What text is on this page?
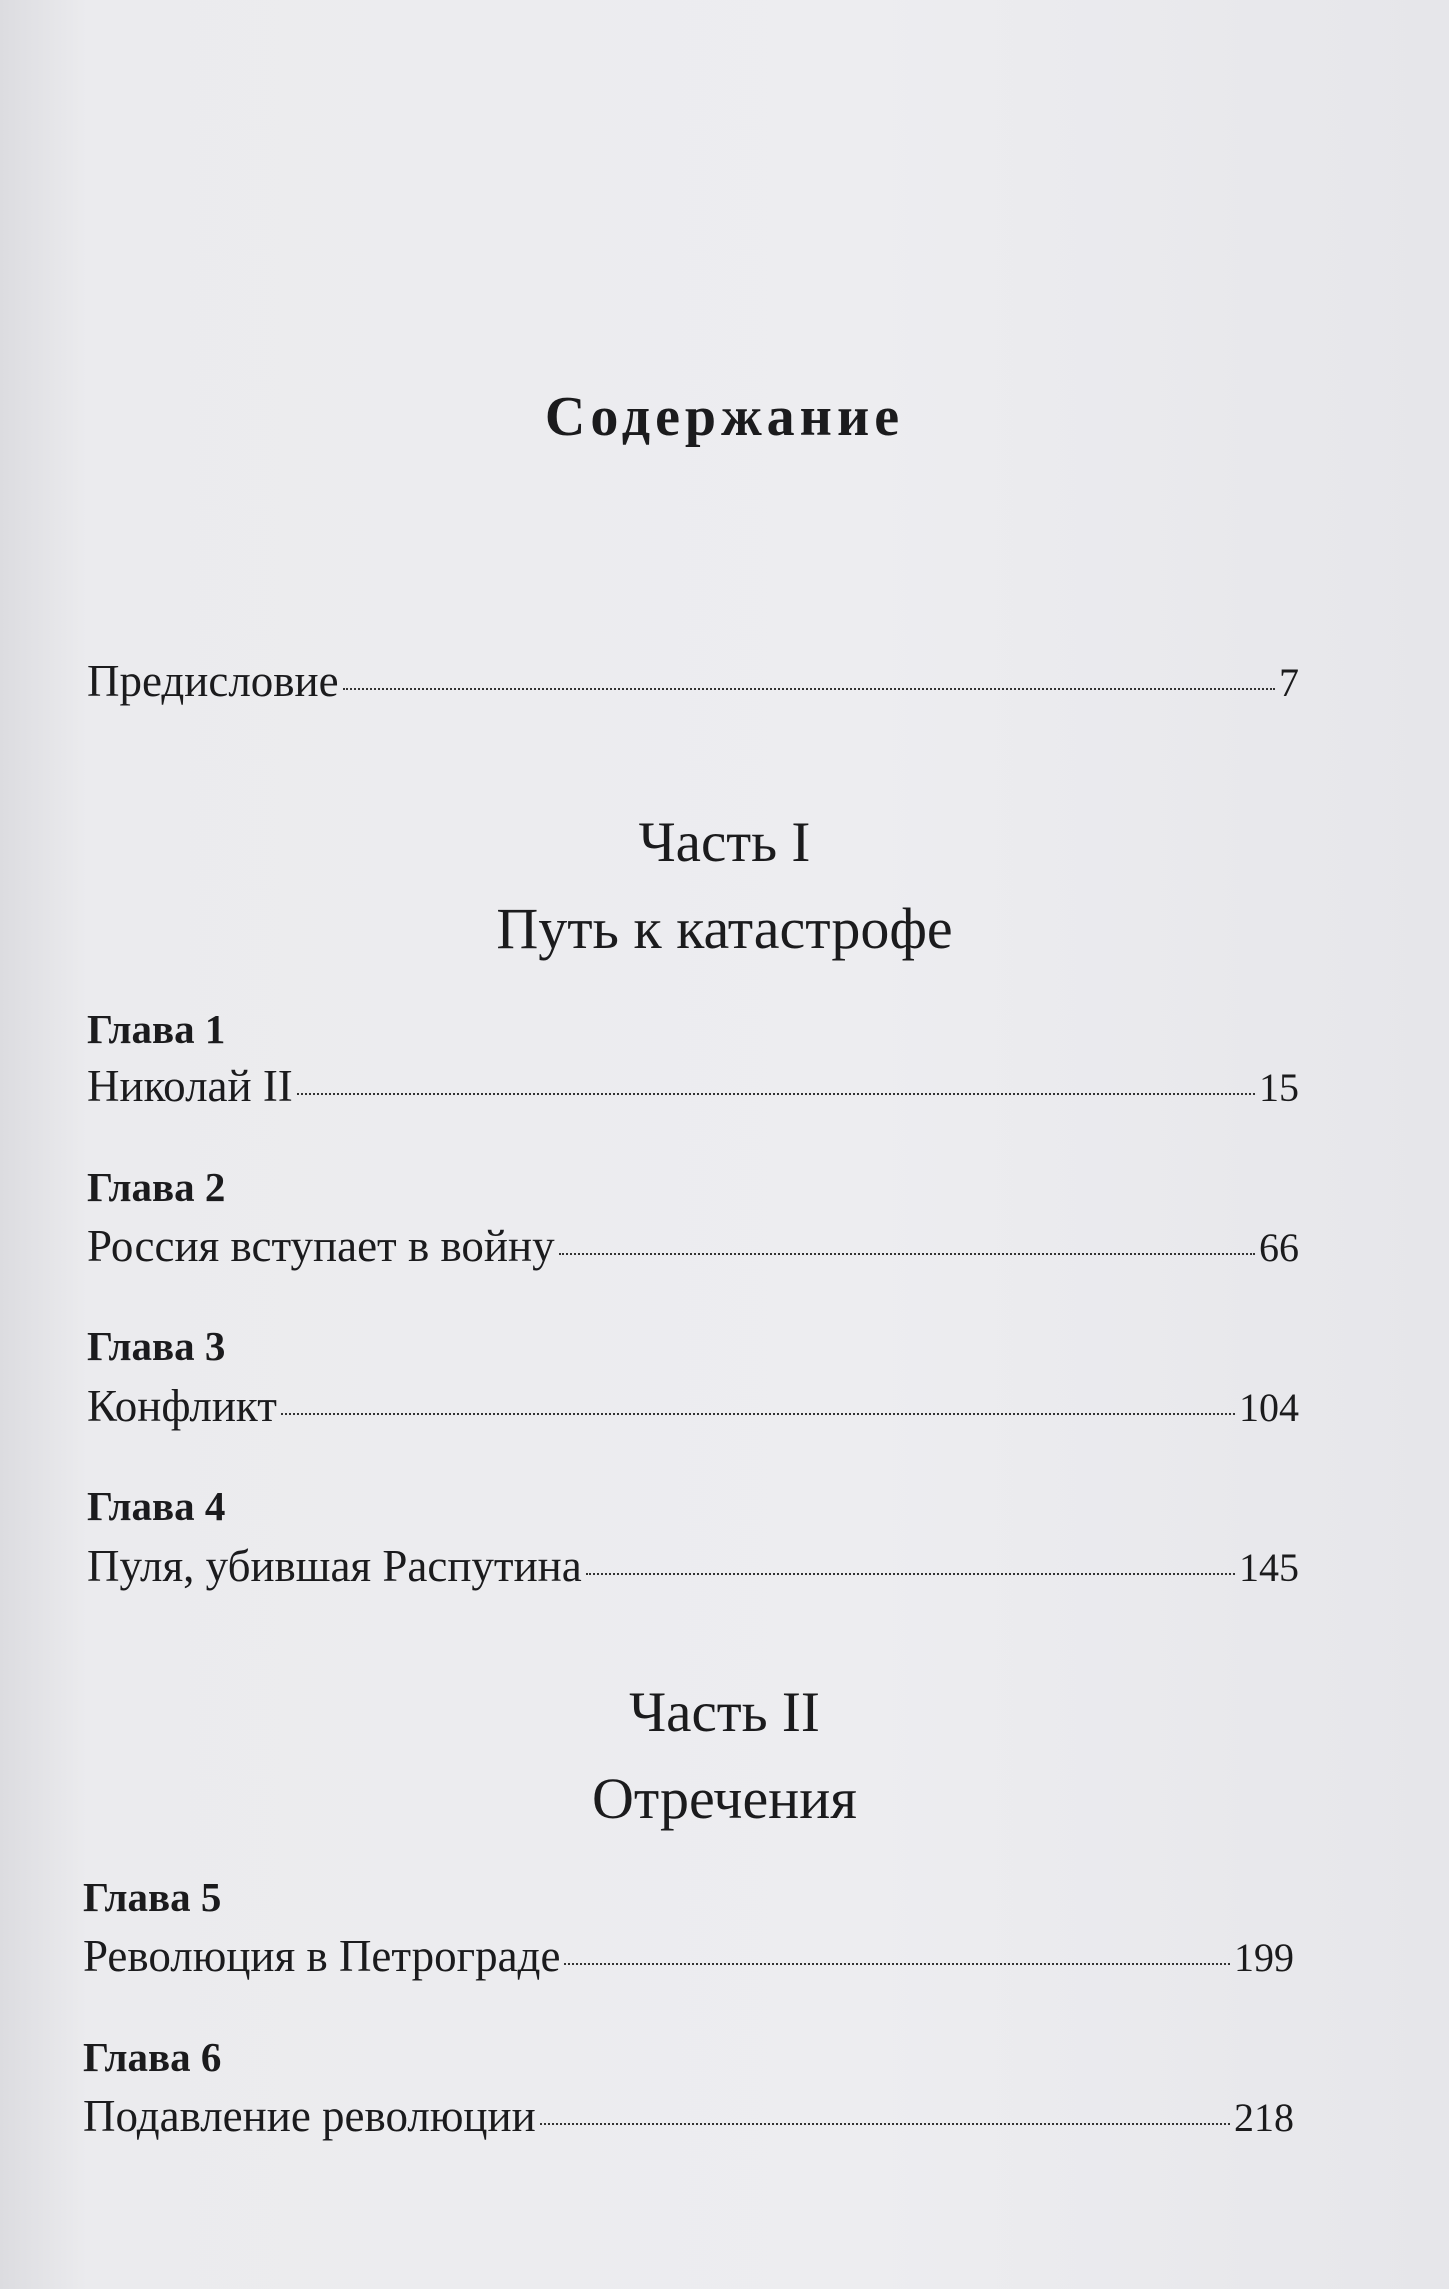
Содержание
Предисловие	7
Часть I
Путь к катастрофе
Глава 1
Николай II	15
Глава 2
Россия вступает в войну	66
Глава 3
Конфликт	104
Глава 4
Пуля, убившая Распутина	145
Часть II
Отречения
Глава 5
Революция в Петрограде	199
Глава 6
Подавление революции	218
